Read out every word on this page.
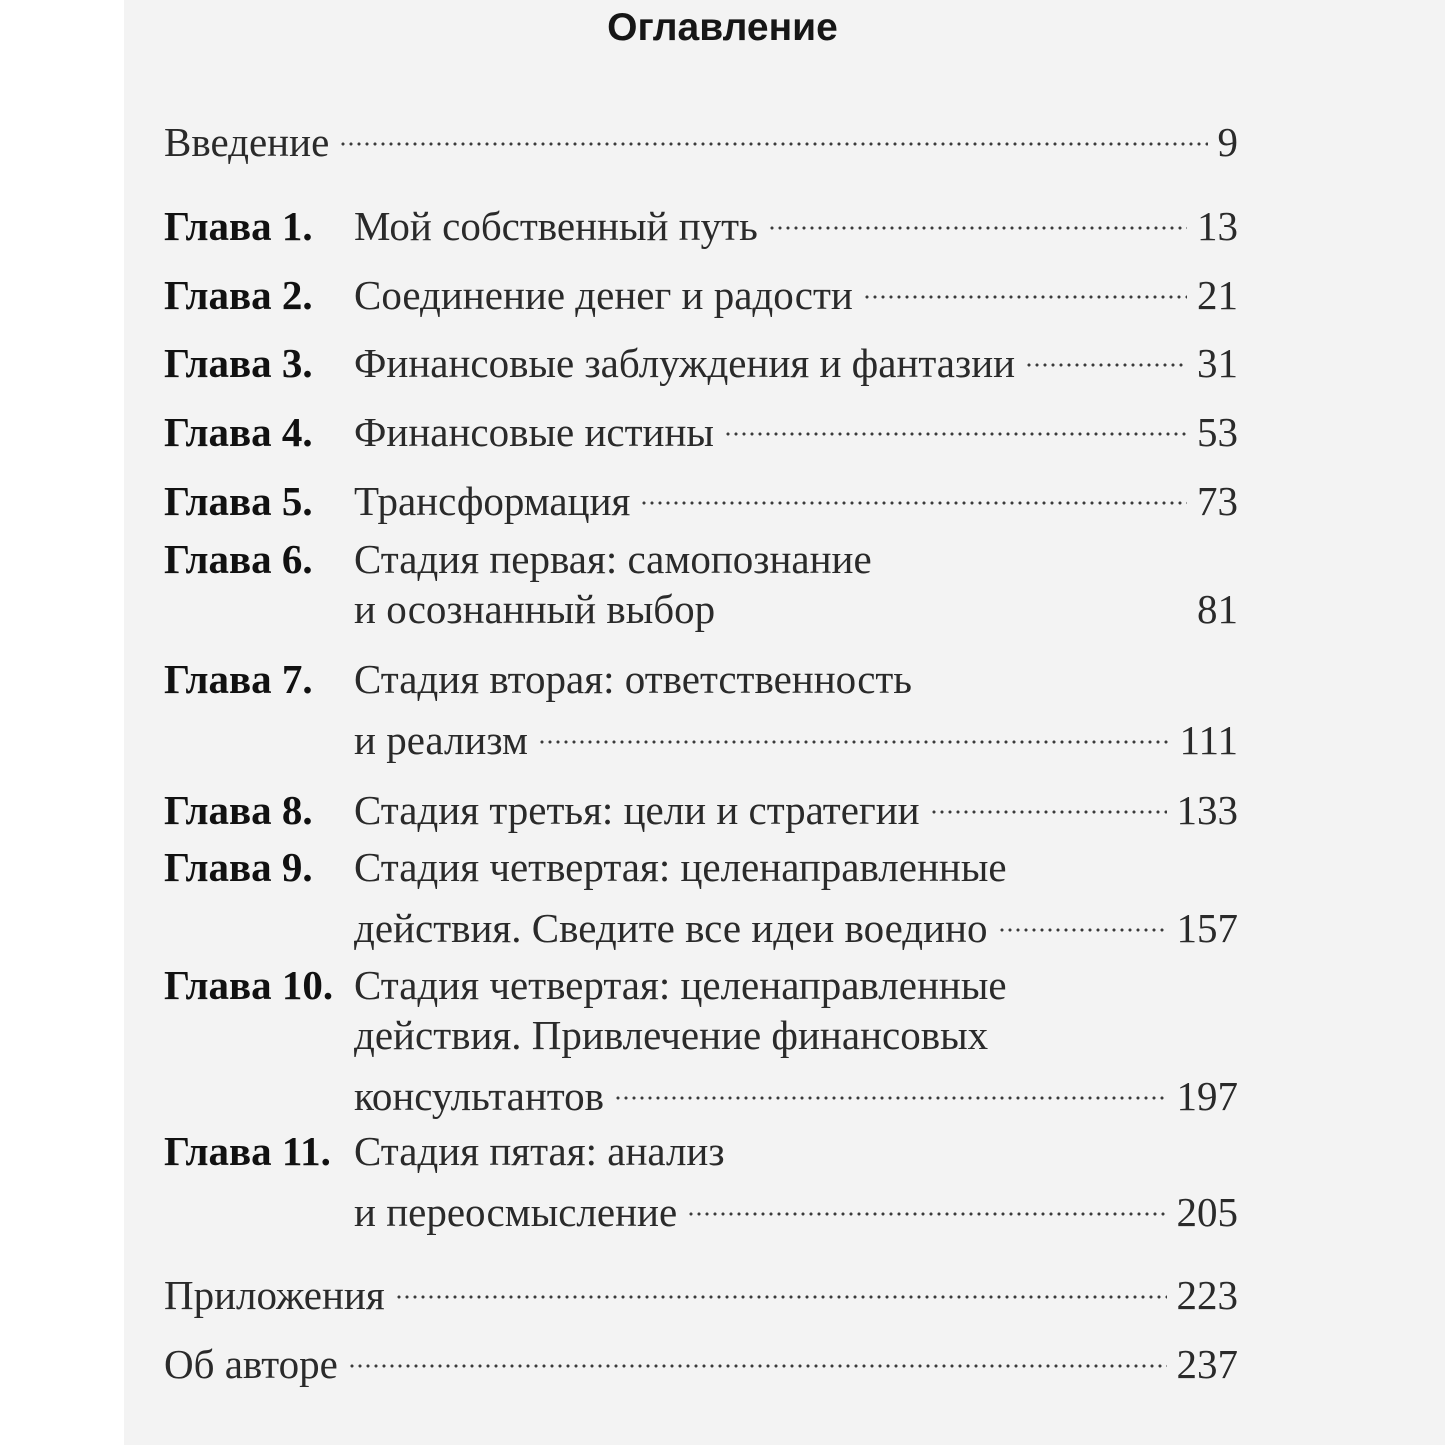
Оглавление
Введение	9
Глава 1.	Мой собственный путь	13
Глава 2.	Соединение денег и радости	21
Глава 3.	Финансовые заблуждения и фантазии	31
Глава 4.	Финансовые истины	53
Глава 5.	Трансформация	73
Глава 6.	Стадия первая: самопознание
и осознанный выбор	81
Глава 7.	Стадия вторая: ответственность
и реализм	111
Глава 8.	Стадия третья: цели и стратегии	133
Глава 9.	Стадия четвертая: целенаправленные
действия. Сведите все идеи воедино	157
Глава 10. Стадия четвертая: целенаправленные
действия. Привлечение финансовых
консультантов	197
Глава 11. Стадия пятая: анализ
и переосмысление	205
Приложения	223
Об авторе	237
